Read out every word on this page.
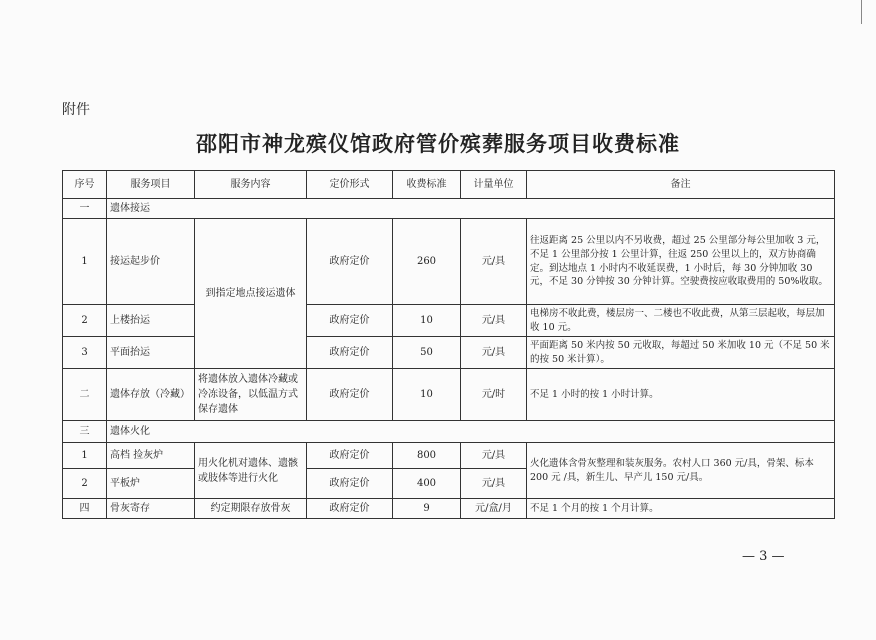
附件
邵阳市神龙殡仪馆政府管价殡葬服务项目收费标准
序号	服务项目	服务内容	定价形式	收费标准	计量单位	备注
一	遗体接运					
1	接运起步价	到指定地点接运遗体	政府定价	260	元/具	往返距离 25 公里以内不另收费，超过 25 公里部分每公里加收 3 元，不足 1 公里部分按 1 公里计算，往返 250 公里以上的，双方协商确定。到达地点 1 小时内不收延误费，1 小时后，每 30 分钟加收 30 元，不足 30 分钟按 30 分钟计算。空驶费按应收取费用的 50%收取。
2	上楼抬运		政府定价	10	元/具	电梯房不收此费，楼层房一、二楼也不收此费，从第三层起收，每层加收 10 元。
3	平面抬运		政府定价	50	元/具	平面距离 50 米内按 50 元收取，每超过 50 米加收 10 元（不足 50 米的按 50 米计算）。
二	遗体存放（冷藏）	将遗体放入遗体冷藏或冷冻设备，以低温方式保存遗体	政府定价	10	元/时	不足 1 小时的按 1 小时计算。
三	遗体火化					
1	高档 捡灰炉	用火化机对遗体、遗骸或肢体等进行火化	政府定价	800	元/具	火化遗体含骨灰整理和装灰服务。农村人口 360 元/具，骨架、标本 200 元 /具，新生儿、早产儿 150 元/具。
2	平板炉		政府定价	400	元/具	
四	骨灰寄存	约定期限存放骨灰	政府定价	9	元/盒/月	不足 1 个月的按 1 个月计算。
— 3 —
